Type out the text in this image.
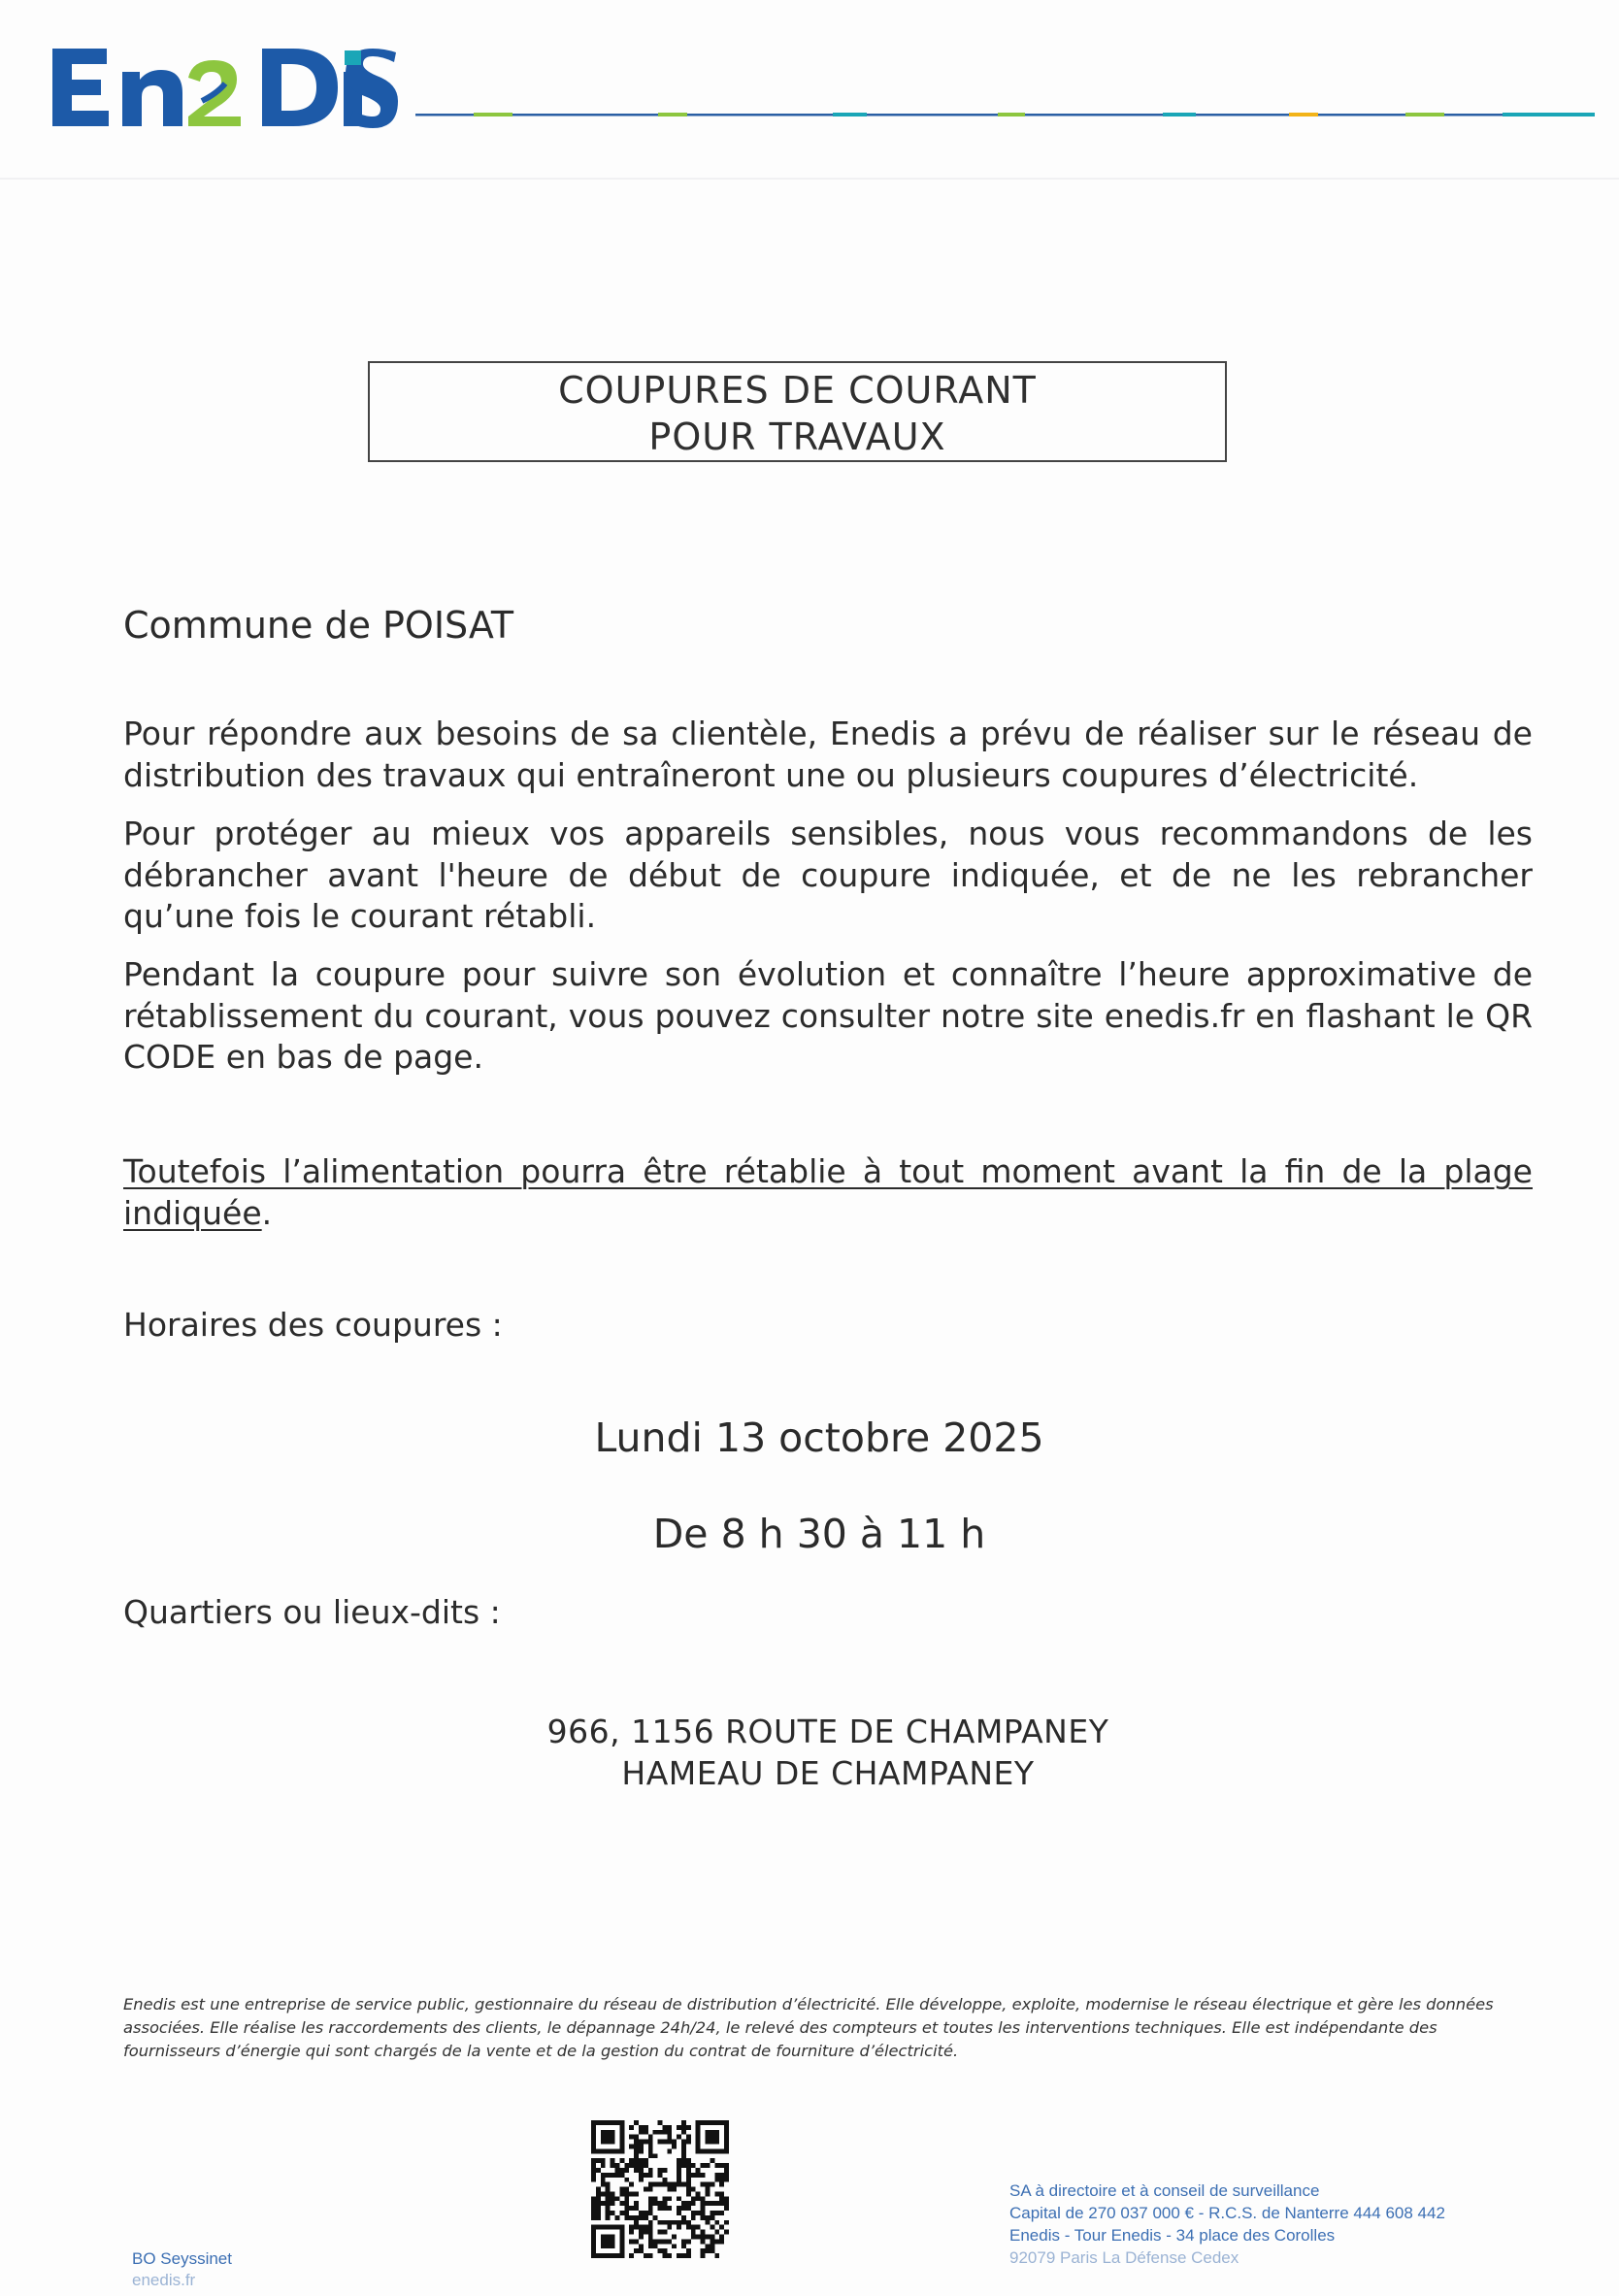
COUPURES DE COURANT
POUR TRAVAUX
Commune de POISAT

Pour répondre aux besoins de sa clientèle, Enedis a prévu de réaliser sur le réseau de distribution des travaux qui entraîneront une ou plusieurs coupures d’électricité.

Pour protéger au mieux vos appareils sensibles, nous vous recommandons de les débrancher avant l'heure de début de coupure indiquée, et de ne les rebrancher qu’une fois le courant rétabli.

Pendant la coupure pour suivre son évolution et connaître l’heure approximative de rétablissement du courant, vous pouvez consulter notre site enedis.fr en flashant le QR CODE en bas de page.

Toutefois l’alimentation pourra être rétablie à tout moment avant la fin de la plage indiquée.

Horaires des coupures :
Lundi 13 octobre 2025
De 8 h 30 à 11 h
Quartiers ou lieux-dits :
966, 1156 ROUTE DE CHAMPANEY
HAMEAU DE CHAMPANEY

Enedis est une entreprise de service public, gestionnaire du réseau de distribution d’électricité. Elle développe, exploite, modernise le réseau électrique et gère les données associées. Elle réalise les raccordements des clients, le dépannage 24h/24, le relevé des compteurs et toutes les interventions techniques. Elle est indépendante des fournisseurs d’énergie qui sont chargés de la vente et de la gestion du contrat de fourniture d’électricité.

BO Seyssinet
enedis.fr
SA à directoire et à conseil de surveillance
Capital de 270 037 000 € - R.C.S. de Nanterre 444 608 442
Enedis - Tour Enedis - 34 place des Corolles
92079 Paris La Défense Cedex
